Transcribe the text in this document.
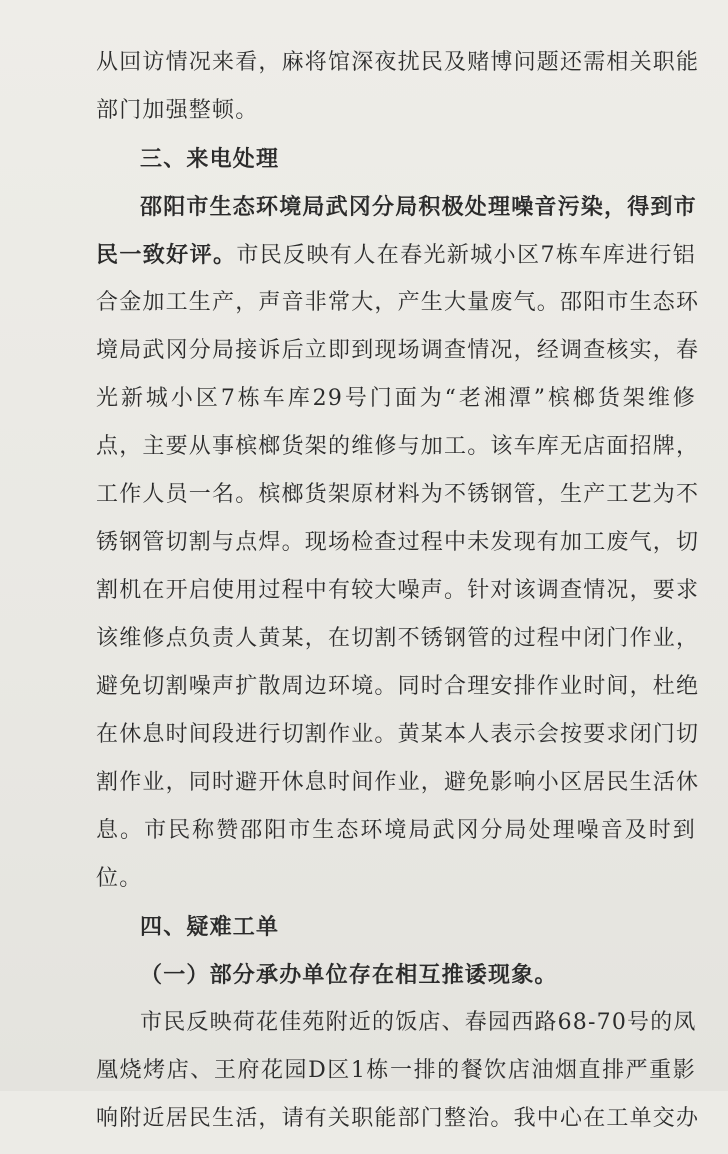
从回访情况来看，麻将馆深夜扰民及赌博问题还需相关职能
部门加强整顿。
三、来电处理
邵阳市生态环境局武冈分局积极处理噪音污染，得到市
民一致好评。市民反映有人在春光新城小区7栋车库进行铝
合金加工生产，声音非常大，产生大量废气。邵阳市生态环
境局武冈分局接诉后立即到现场调查情况，经调查核实，春
光新城小区7栋车库29号门面为“老湘潭”槟榔货架维修
点，主要从事槟榔货架的维修与加工。该车库无店面招牌，
工作人员一名。槟榔货架原材料为不锈钢管，生产工艺为不
锈钢管切割与点焊。现场检查过程中未发现有加工废气，切
割机在开启使用过程中有较大噪声。针对该调查情况，要求
该维修点负责人黄某，在切割不锈钢管的过程中闭门作业，
避免切割噪声扩散周边环境。同时合理安排作业时间，杜绝
在休息时间段进行切割作业。黄某本人表示会按要求闭门切
割作业，同时避开休息时间作业，避免影响小区居民生活休
息。市民称赞邵阳市生态环境局武冈分局处理噪音及时到
位。
四、疑难工单
（一）部分承办单位存在相互推诿现象。
市民反映荷花佳苑附近的饭店、春园西路68-70号的凤
凰烧烤店、王府花园D区1栋一排的餐饮店油烟直排严重影
响附近居民生活，请有关职能部门整治。我中心在工单交办
